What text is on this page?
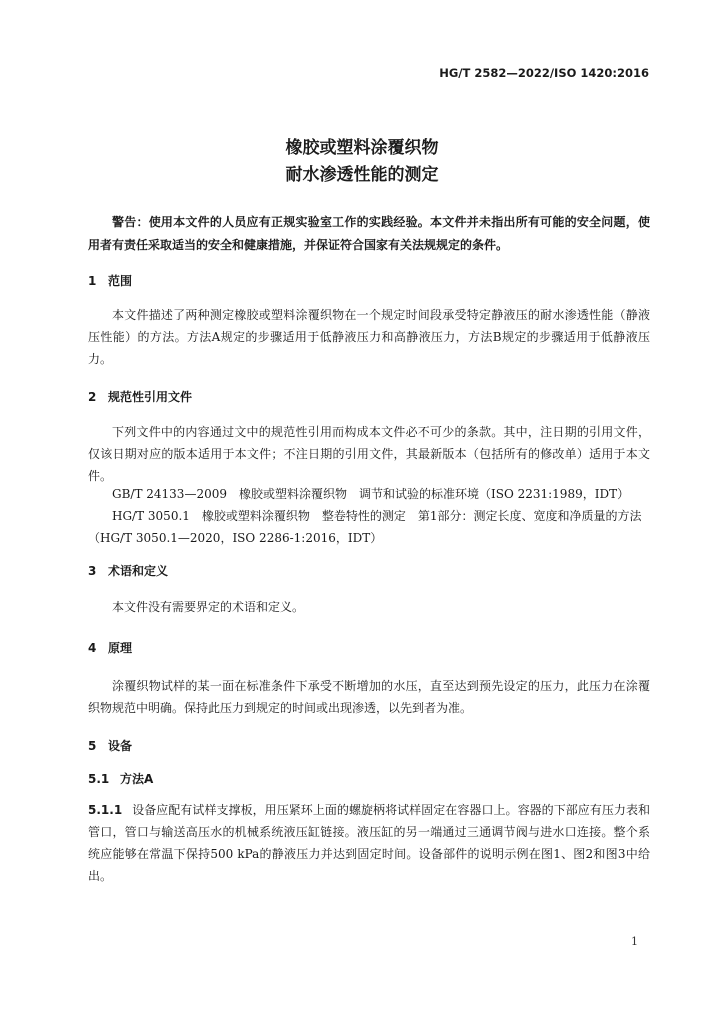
HG/T 2582—2022/ISO 1420:2016
橡胶或塑料涂覆织物
耐水渗透性能的测定
警告：使用本文件的人员应有正规实验室工作的实践经验。本文件并未指出所有可能的安全问题，使用者有责任采取适当的安全和健康措施，并保证符合国家有关法规规定的条件。
1 范围
本文件描述了两种测定橡胶或塑料涂覆织物在一个规定时间段承受特定静液压的耐水渗透性能（静液压性能）的方法。方法A规定的步骤适用于低静液压力和高静液压力，方法B规定的步骤适用于低静液压力。
2 规范性引用文件
下列文件中的内容通过文中的规范性引用而构成本文件必不可少的条款。其中，注日期的引用文件，仅该日期对应的版本适用于本文件；不注日期的引用文件，其最新版本（包括所有的修改单）适用于本文件。
GB/T 24133—2009　橡胶或塑料涂覆织物　调节和试验的标准环境（ISO 2231:1989，IDT）
HG/T 3050.1　橡胶或塑料涂覆织物　整卷特性的测定　第1部分：测定长度、宽度和净质量的方法（HG/T 3050.1—2020，ISO 2286-1:2016，IDT）
3 术语和定义
本文件没有需要界定的术语和定义。
4 原理
涂覆织物试样的某一面在标准条件下承受不断增加的水压，直至达到预先设定的压力，此压力在涂覆织物规范中明确。保持此压力到规定的时间或出现渗透，以先到者为准。
5 设备
5.1 方法A
5.1.1 设备应配有试样支撑板，用压紧环上面的螺旋柄将试样固定在容器口上。容器的下部应有压力表和管口，管口与输送高压水的机械系统液压缸链接。液压缸的另一端通过三通调节阀与进水口连接。整个系统应能够在常温下保持500 kPa的静液压力并达到固定时间。设备部件的说明示例在图1、图2和图3中给出。
1
